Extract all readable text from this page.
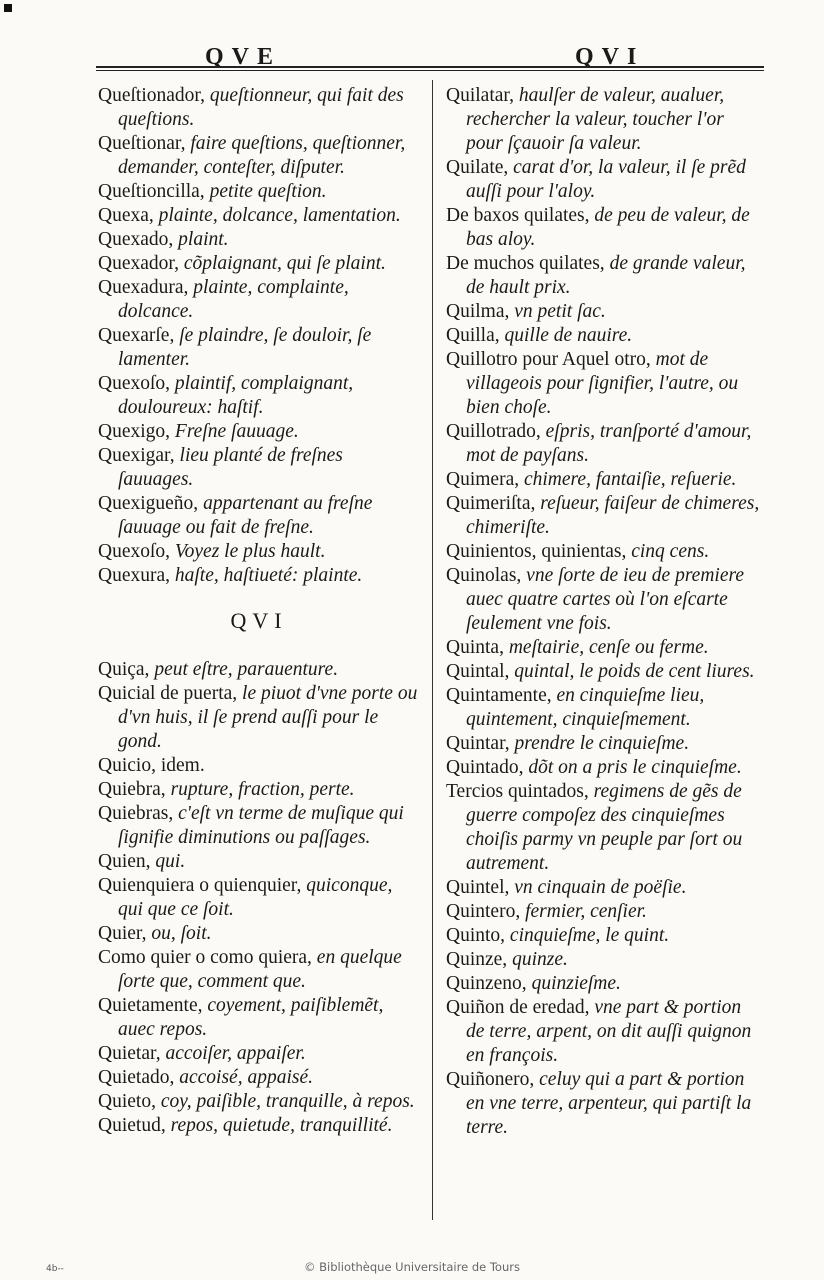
QVE	QVI

Queſtionador, queſtionneur, qui fait des queſtions.

Queſtionar, faire queſtions, queſtionner, demander, conteſter, diſputer.

Queſtioncilla, petite queſtion.

Quexa, plainte, dolcance, lamentation.

Quexado, plaint.

Quexador, cõplaignant, qui ſe plaint.

Quexadura, plainte, complainte, dolcance.

Quexarſe, ſe plaindre, ſe douloir, ſe lamenter.

Quexoſo, plaintif, complaignant, douloureux: haſtif.

Quexigo, Freſne ſauuage.

Quexigar, lieu planté de freſnes ſauuages.

Quexigueño, appartenant au freſne ſauuage ou fait de freſne.

Quexoſo, Voyez le plus hault.

Quexura, haſte, haſtiueté: plainte.

QVI

Quiça, peut eſtre, parauenture.

Quicial de puerta, le piuot d'vne porte ou d'vn huis, il ſe prend auſſi pour le gond.

Quicio, idem.

Quiebra, rupture, fraction, perte.

Quiebras, c'eſt vn terme de muſique qui ſignifie diminutions ou paſſages.

Quien, qui.

Quienquiera o quienquier, quiconque, qui que ce ſoit.

Quier, ou, ſoit.

Como quier o como quiera, en quelque ſorte que, comment que.

Quietamente, coyement, paiſiblemẽt, auec repos.

Quietar, accoiſer, appaiſer.

Quietado, accoisé, appaisé.

Quieto, coy, paiſible, tranquille, à repos.

Quietud, repos, quietude, tranquillité.

Quilatar, haulſer de valeur, aualuer, rechercher la valeur, toucher l'or pour ſçauoir ſa valeur.

Quilate, carat d'or, la valeur, il ſe prẽd auſſi pour l'aloy.

De baxos quilates, de peu de valeur, de bas aloy.

De muchos quilates, de grande valeur, de hault prix.

Quilma, vn petit ſac.

Quilla, quille de nauire.

Quillotro pour Aquel otro, mot de villageois pour ſignifier, l'autre, ou bien choſe.

Quillotrado, eſpris, tranſporté d'amour, mot de payſans.

Quimera, chimere, fantaiſie, reſuerie.

Quimeriſta, reſueur, faiſeur de chimeres, chimeriſte.

Quinientos, quinientas, cinq cens.

Quinolas, vne ſorte de ieu de premiere auec quatre cartes où l'on eſcarte ſeulement vne fois.

Quinta, meſtairie, cenſe ou ferme.

Quintal, quintal, le poids de cent liures.

Quintamente, en cinquieſme lieu, quintement, cinquieſmement.

Quintar, prendre le cinquieſme.

Quintado, dõt on a pris le cinquieſme.

Tercios quintados, regimens de gẽs de guerre compoſez des cinquieſmes choiſis parmy vn peuple par ſort ou autrement.

Quintel, vn cinquain de poëſie.

Quintero, fermier, cenſier.

Quinto, cinquieſme, le quint.

Quinze, quinze.

Quinzeno, quinzieſme.

Quiñon de eredad, vne part & portion de terre, arpent, on dit auſſi quignon en françois.

Quiñonero, celuy qui a part & portion en vne terre, arpenteur, qui partiſt la terre.

© Bibliothèque Universitaire de Tours
4b--
